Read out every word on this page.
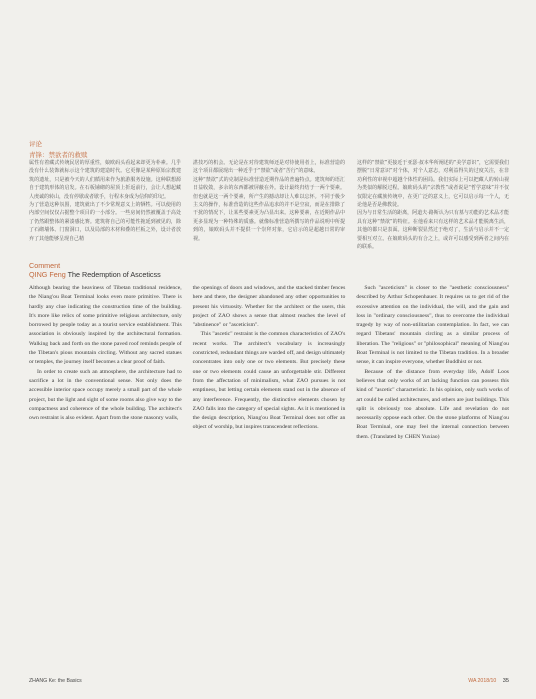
评论
青锋：禁欲者的救赎

属性有着藏式传统民居的厚重性，娘欧码头看起来却更为朴素。几乎没有什么装饰就标示这个建筑的建造时代。它更像是某种原始宗教建筑的遗址，只是被今天的人们循用来作为旅游服务设施。这种联想源自于建筑形体的启发。在石板铺砌的屋顶上折返前行，会让人想起藏人虔诚的转山，没有停歇或者歇手，行程本身成为信仰的印记。
为了营造这种氛围，建筑就出了不少常规意义上的牺牲。可以使用的内部空间仅仅占据整个项目的一小部分。一些房间仍然被覆盖于高处了仍然跟整体的紧凑感比赛。建筑将自己的可能性拖延到被见的，除了石砌墙体、门窗洞口，以及局部的木材和叠的栏板之外，设计者放弃了其他能够呈现自己精

湛技巧的机会。无论是在对待建筑师还是对待使用者上，标准营造的这个项目都展现出一种近乎于“禁欲”或者“苦行”的意味。
这种“禁欲”式的克制是标准营造近期作品的普遍特点。建筑师的语汇日益收敛，多余的东西都被屏蔽在外。设计最终归结于一两个要素。但也就是这一两个要素，所产生的撼动却让人难以忘怀。不同于极少主义的操作，标准营造的这些作品追求的并不是空寂，而是在排除了干扰的情况下，让某些要素更为凸显出来。这种要素，在近期作品中更多显现为一种特殊的质感。就像标准营造所撰写的作品说明中所提到的，娘欧码头并不提供一个崇拜对象，它启示的是超越日常的审视。

这样的“禁欲”更接近于亚瑟·叔本华所阐述的“美学意识”，它需要我们摆脱“日常意识”对个体，对个人意志，对利益得失的过度关注，在非功利性的审视中超越个体性的困局。我们实际上可以把藏人的转山视为类似的解脱过程。娘欧码头的“宗教性”或者说是“哲学意味”并不仅仅限定在藏族传统中，在更广泛的意义上，它可以启示每一个人，无论他是否是佛教徒。
因为与日常生活的距离，阿道夫·路斯认为只有墓与功能的艺术品才能具有这种“禁欲”的特征。在他看来只有这样的艺术品才能脱离生活，其他的都只是表面。这种断裂显然过于绝对了，生活与启示并不一定要相互对立。在娘欧码头的有合之上，或许可以感受到两者之间内在的联系。

Comment
QING Feng The Redemption of Asceticss

Although bearing the heaviness of Tibetan traditional residence, the Niang'ou Boat Terminal looks even more primitive. There is hardly any clue indicating the construction time of the building. It's more like relics of some primitive religious architecture, only borrowed by people today as a tourist service establishment. This association is obviously inspired by the architectural formation. Walking back and forth on the stone paved roof reminds people of the Tibetan's pious mountain circling. Without any sacred statues or temples, the journey itself becomes a clear proof of faith.

In order to create such an atmosphere, the architecture had to sacrifice a lot in the conventional sense. Not only does the accessible interior space occupy merely a small part of the whole project, but the light and sight of some rooms also give way to the compactness and coherence of the whole building. The architect's own restraint is also evident. Apart from the stone masonry walls,

the openings of doors and windows, and the stacked timber fences here and there, the designer abandoned any other opportunities to present his virtuosity. Whether for the architect or the users, this project of ZAO shows a sense that almost reaches the level of "abstinence" or "asceticism".

This "ascetic" restraint is the common characteristics of ZAO's recent works. The architect's vocabulary is increasingly constricted, redundant things are warded off, and design ultimately concentrates into only one or two elements. But precisely these one or two elements could cause an unforgettable stir. Different from the affectation of minimalism, what ZAO pursues is not emptiness, but letting certain elements stand out in the absence of any interference. Frequently, the distinctive elements chosen by ZAO falls into the category of special sights. As it is mentioned in the design description, Niang'ou Boat Terminal does not offer an object of worship, but inspires transcendent reflections.

Such "asceticism" is closer to the "aesthetic consciousness" described by Arthur Schopenhauer. It requires us to get rid of the excessive attention on the individual, the will, and the gain and loss in "ordinary consciousness", thus to overcome the individual tragedy by way of non-utilitarian contemplation. In fact, we can regard Tibetans' mountain circling as a similar process of liberation. The "religious" or "philosophical" meaning of Niang'ou Boat Terminal is not limited to the Tibetan tradition. In a broader sense, it can inspire everyone, whether Buddhist or not.

Because of the distance from everyday life, Adolf Loos believes that only works of art lacking function can possess this kind of "ascetic" characteristic. In his opinion, only such works of art could be called architectures, and others are just buildings. This split is obviously too absolute. Life and revelation do not necessarily oppose each other. On the stone platforms of Niang'ou Boat Terminal, one may feel the internal connection between them. (Translated by CHEN Yuxiao)

ZHANG Ke: the Basics	WA 2018/10 35
